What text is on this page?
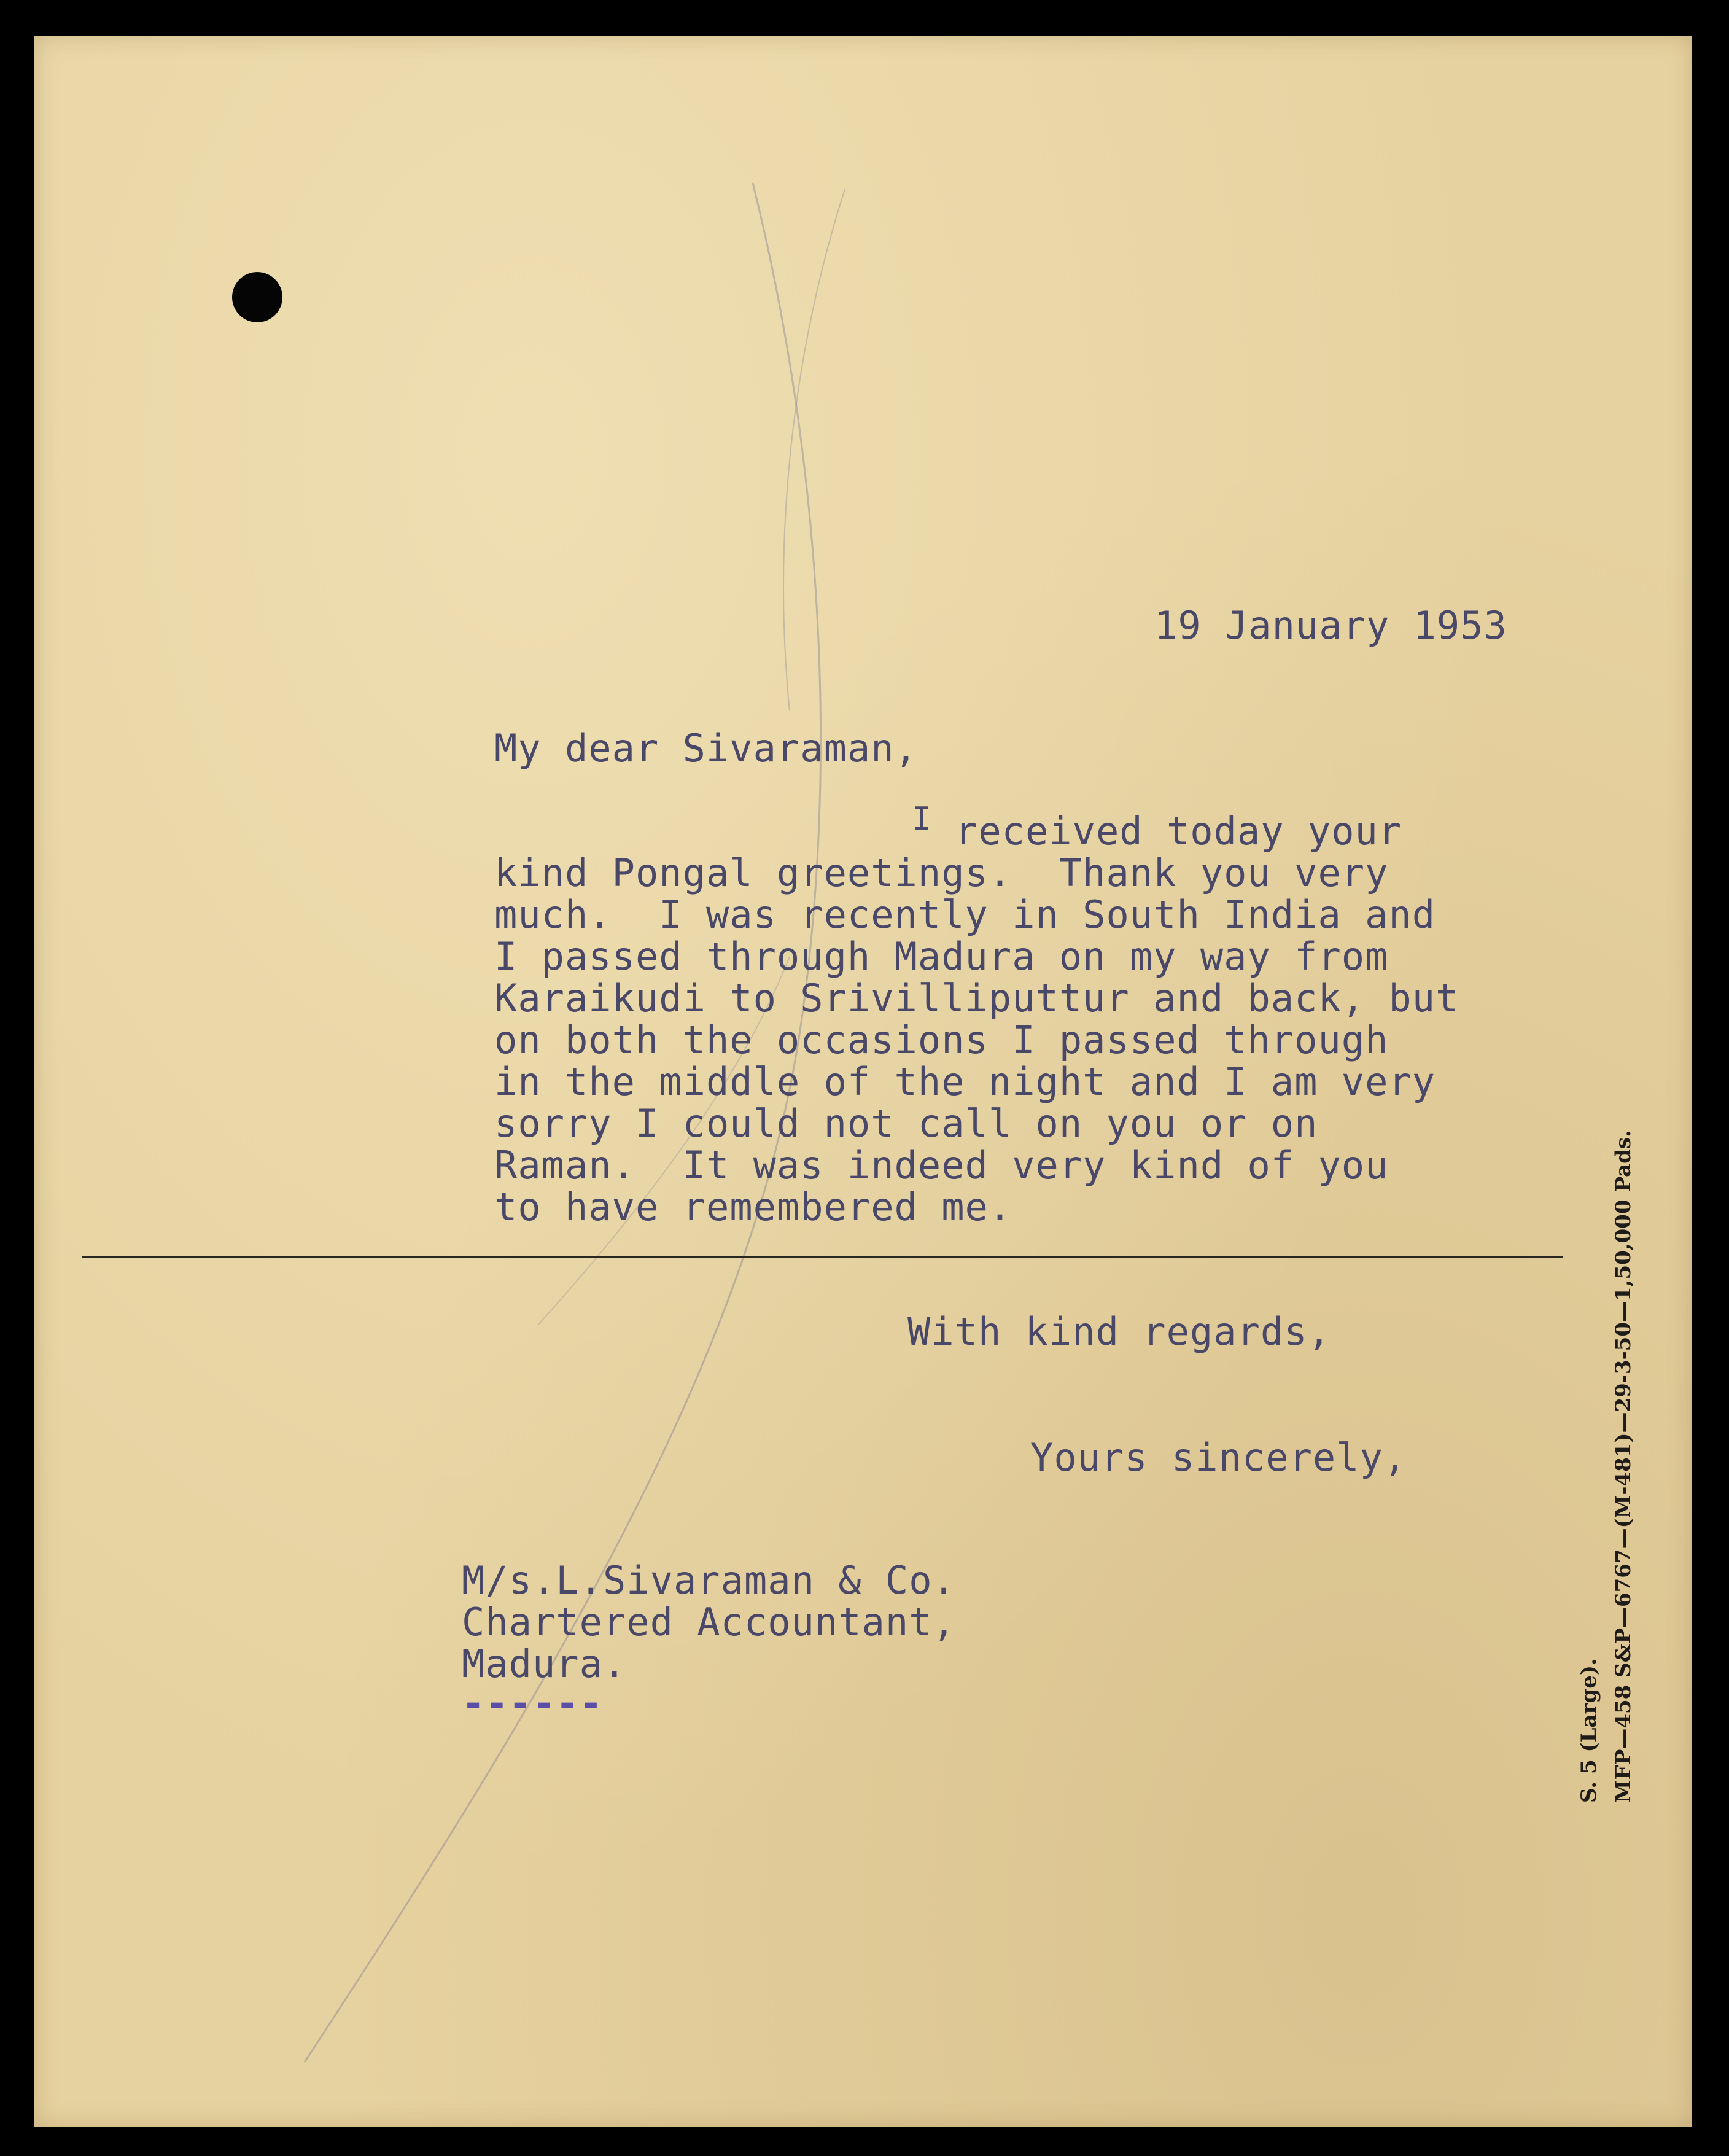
S. 5 (Large). MFP—458 S&P—6767—(M-481)—29-3-50—1,50,000 Pads.
19 January 1953
My dear Sivaraman,
I received today your
kind Pongal greetings.  Thank you very
much.  I was recently in South India and
I passed through Madura on my way from
Karaikudi to Srivilliputtur and back, but
on both the occasions I passed through
in the middle of the night and I am very
sorry I could not call on you or on
Raman.  It was indeed very kind of you
to have remembered me.
With kind regards,
Yours sincerely,
M/s.L.Sivaraman & Co.
Chartered Accountant,
Madura.
------
